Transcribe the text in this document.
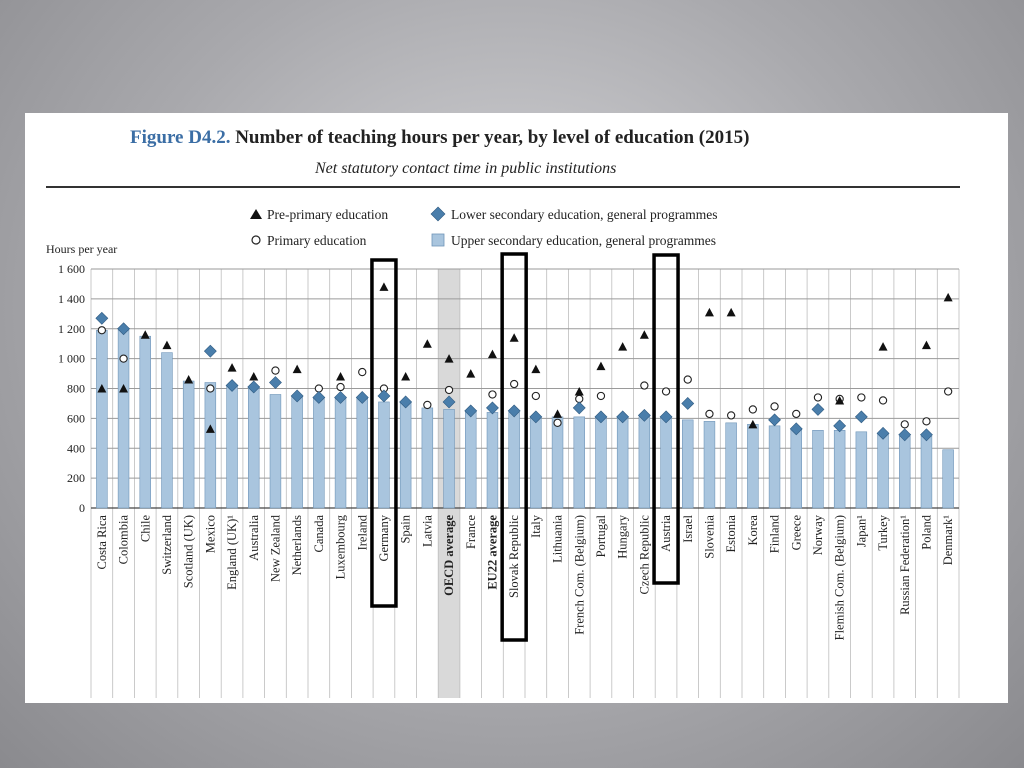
Figure D4.2. Number of teaching hours per year, by level of education (2015)
Net statutory contact time in public institutions
Pre-primary education
Primary education
Lower secondary education, general programmes
Upper secondary education, general programmes
Hours per year
0
200
400
600
800
1 000
1 200
1 400
1 600
Costa Rica Colombia Chile Switzerland Scotland (UK) Mexico England (UK)¹ Australia New Zealand Netherlands Canada Luxembourg Ireland Germany Spain Latvia OECD average France EU22 average Slovak Republic Italy Lithuania French Com. (Belgium) Portugal Hungary Czech Republic Austria Israel Slovenia Estonia Korea Finland Greece Norway Flemish Com. (Belgium) Japan¹ Turkey Russian Federation¹ Poland Denmark¹
